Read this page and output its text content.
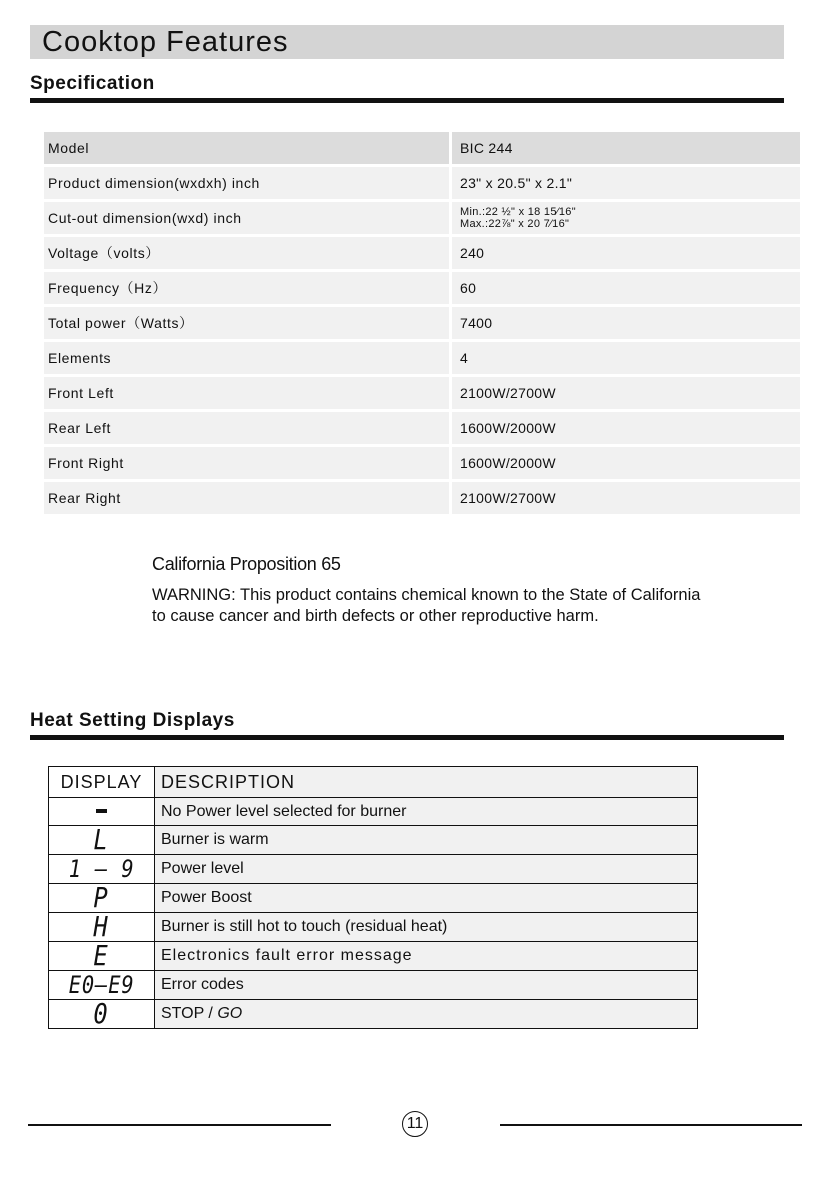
Cooktop Features
Specification
Model	BIC 244
Product dimension(wxdxh) inch	23" x 20.5" x 2.1"
Cut-out dimension(wxd) inch	Min.:22 ½" x 18 15⁄16"
Max.:22⅞" x 20 7⁄16"
Voltage（volts）	240
Frequency（Hz）	60
Total power（Watts）	7400
Elements	4
Front Left	2100W/2700W
Rear Left	1600W/2000W
Front Right	1600W/2000W
Rear Right	2100W/2700W
California Proposition 65
WARNING: This product contains chemical known to the State of California to cause cancer and birth defects or other reproductive harm.
Heat Setting Displays
DISPLAY	DESCRIPTION
	No Power level selected for burner
L	Burner is warm
1 – 9	Power level
P	Power Boost
H	Burner is still hot to touch (residual heat)
E	Electronics fault error message
E0–E9	Error codes
0	STOP / GO
11
